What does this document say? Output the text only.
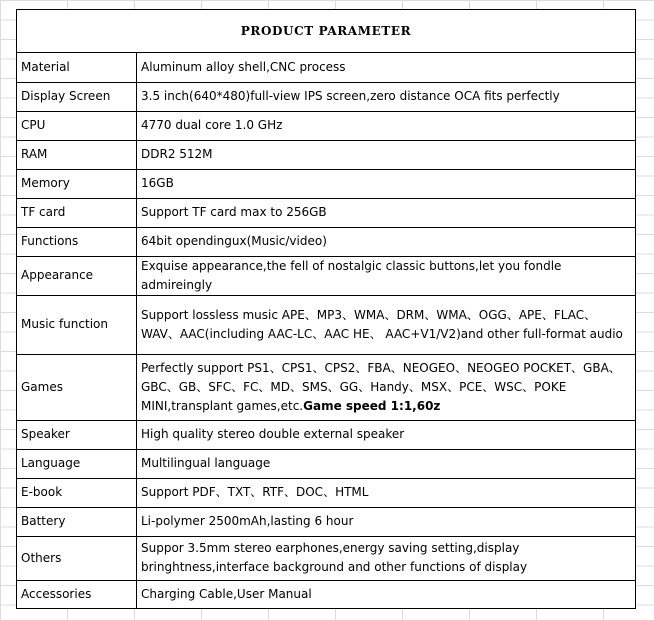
PRODUCT PARAMETER
Material	Aluminum alloy shell,CNC process
Display Screen	3.5 inch(640*480)full-view IPS screen,zero distance OCA fits perfectly
CPU	4770 dual core 1.0 GHz
RAM	DDR2 512M
Memory	16GB
TF card	Support TF card max to 256GB
Functions	64bit opendingux(Music/video)
Appearance	Exquise appearance,the fell of nostalgic classic buttons,let you fondle admireingly
Music function	Support lossless music APE、MP3、WMA、DRM、WMA、OGG、APE、FLAC、WAV、AAC(including AAC-LC、AAC HE、 AAC+V1/V2)and other full-format audio
Games	Perfectly support PS1、CPS1、CPS2、FBA、NEOGEO、NEOGEO POCKET、GBA、GBC、GB、SFC、FC、MD、SMS、GG、Handy、MSX、PCE、WSC、POKE MINI,transplant games,etc.Game speed 1:1,60z
Speaker	High quality stereo double external speaker
Language	Multilingual language
E-book	Support PDF、TXT、RTF、DOC、HTML
Battery	Li-polymer 2500mAh,lasting 6 hour
Others	Suppor 3.5mm stereo earphones,energy saving setting,display bringhtness,interface background and other functions of display
Accessories	Charging Cable,User Manual
